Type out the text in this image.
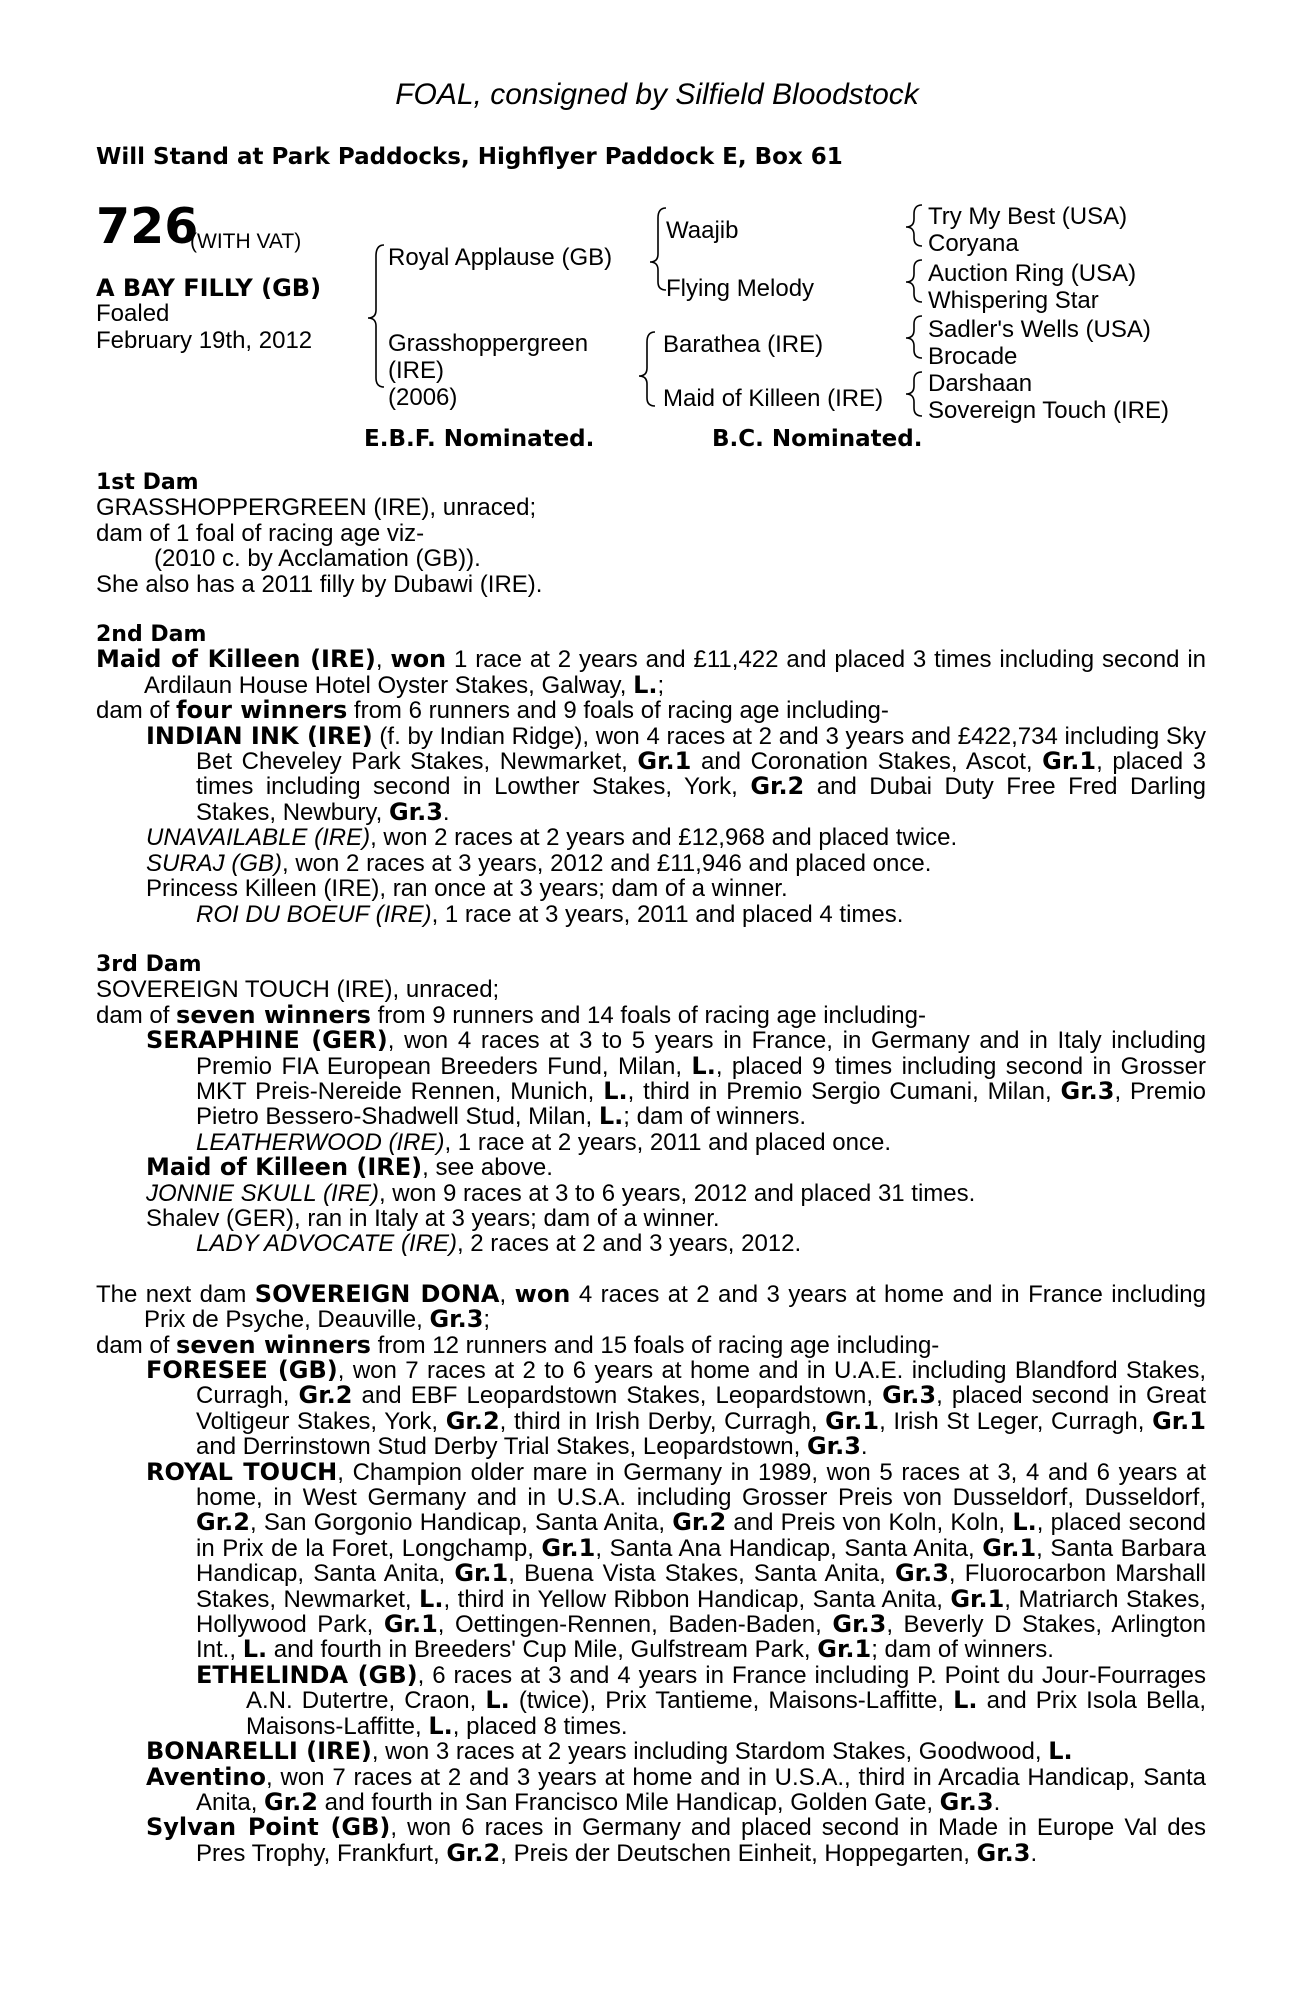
FOAL, consigned by Silfield Bloodstock
Will Stand at Park Paddocks, Highflyer Paddock E, Box 61
726
(WITH VAT)
A BAY FILLY (GB)
Foaled
February 19th, 2012
Royal Applause (GB)
Grasshoppergreen
(IRE)
(2006)
Waajib
Flying Melody
Barathea (IRE)
Maid of Killeen (IRE)
Try My Best (USA)
Coryana
Auction Ring (USA)
Whispering Star
Sadler's Wells (USA)
Brocade
Darshaan
Sovereign Touch (IRE)
E.B.F. Nominated.	B.C. Nominated.
1st Dam
GRASSHOPPERGREEN (IRE), unraced;
dam of 1 foal of racing age viz-
(2010 c. by Acclamation (GB)).
She also has a 2011 filly by Dubawi (IRE).
2nd Dam
Maid of Killeen (IRE), won 1 race at 2 years and £11,422 and placed 3 times including second in Ardilaun House Hotel Oyster Stakes, Galway, L.;
dam of four winners from 6 runners and 9 foals of racing age including-
INDIAN INK (IRE) (f. by Indian Ridge), won 4 races at 2 and 3 years and £422,734 including Sky Bet Cheveley Park Stakes, Newmarket, Gr.1 and Coronation Stakes, Ascot, Gr.1, placed 3 times including second in Lowther Stakes, York, Gr.2 and Dubai Duty Free Fred Darling Stakes, Newbury, Gr.3.
UNAVAILABLE (IRE), won 2 races at 2 years and £12,968 and placed twice.
SURAJ (GB), won 2 races at 3 years, 2012 and £11,946 and placed once.
Princess Killeen (IRE), ran once at 3 years; dam of a winner.
ROI DU BOEUF (IRE), 1 race at 3 years, 2011 and placed 4 times.
3rd Dam
SOVEREIGN TOUCH (IRE), unraced;
dam of seven winners from 9 runners and 14 foals of racing age including-
SERAPHINE (GER), won 4 races at 3 to 5 years in France, in Germany and in Italy including Premio FIA European Breeders Fund, Milan, L., placed 9 times including second in Grosser MKT Preis-Nereide Rennen, Munich, L., third in Premio Sergio Cumani, Milan, Gr.3, Premio Pietro Bessero-Shadwell Stud, Milan, L.; dam of winners.
LEATHERWOOD (IRE), 1 race at 2 years, 2011 and placed once.
Maid of Killeen (IRE), see above.
JONNIE SKULL (IRE), won 9 races at 3 to 6 years, 2012 and placed 31 times.
Shalev (GER), ran in Italy at 3 years; dam of a winner.
LADY ADVOCATE (IRE), 2 races at 2 and 3 years, 2012.
The next dam SOVEREIGN DONA, won 4 races at 2 and 3 years at home and in France including Prix de Psyche, Deauville, Gr.3;
dam of seven winners from 12 runners and 15 foals of racing age including-
FORESEE (GB), won 7 races at 2 to 6 years at home and in U.A.E. including Blandford Stakes, Curragh, Gr.2 and EBF Leopardstown Stakes, Leopardstown, Gr.3, placed second in Great Voltigeur Stakes, York, Gr.2, third in Irish Derby, Curragh, Gr.1, Irish St Leger, Curragh, Gr.1 and Derrinstown Stud Derby Trial Stakes, Leopardstown, Gr.3.
ROYAL TOUCH, Champion older mare in Germany in 1989, won 5 races at 3, 4 and 6 years at home, in West Germany and in U.S.A. including Grosser Preis von Dusseldorf, Dusseldorf, Gr.2, San Gorgonio Handicap, Santa Anita, Gr.2 and Preis von Koln, Koln, L., placed second in Prix de la Foret, Longchamp, Gr.1, Santa Ana Handicap, Santa Anita, Gr.1, Santa Barbara Handicap, Santa Anita, Gr.1, Buena Vista Stakes, Santa Anita, Gr.3, Fluorocarbon Marshall Stakes, Newmarket, L., third in Yellow Ribbon Handicap, Santa Anita, Gr.1, Matriarch Stakes, Hollywood Park, Gr.1, Oettingen-Rennen, Baden-Baden, Gr.3, Beverly D Stakes, Arlington Int., L. and fourth in Breeders' Cup Mile, Gulfstream Park, Gr.1; dam of winners.
ETHELINDA (GB), 6 races at 3 and 4 years in France including P. Point du Jour-Fourrages A.N. Dutertre, Craon, L. (twice), Prix Tantieme, Maisons-Laffitte, L. and Prix Isola Bella, Maisons-Laffitte, L., placed 8 times.
BONARELLI (IRE), won 3 races at 2 years including Stardom Stakes, Goodwood, L.
Aventino, won 7 races at 2 and 3 years at home and in U.S.A., third in Arcadia Handicap, Santa Anita, Gr.2 and fourth in San Francisco Mile Handicap, Golden Gate, Gr.3.
Sylvan Point (GB), won 6 races in Germany and placed second in Made in Europe Val des Pres Trophy, Frankfurt, Gr.2, Preis der Deutschen Einheit, Hoppegarten, Gr.3.
